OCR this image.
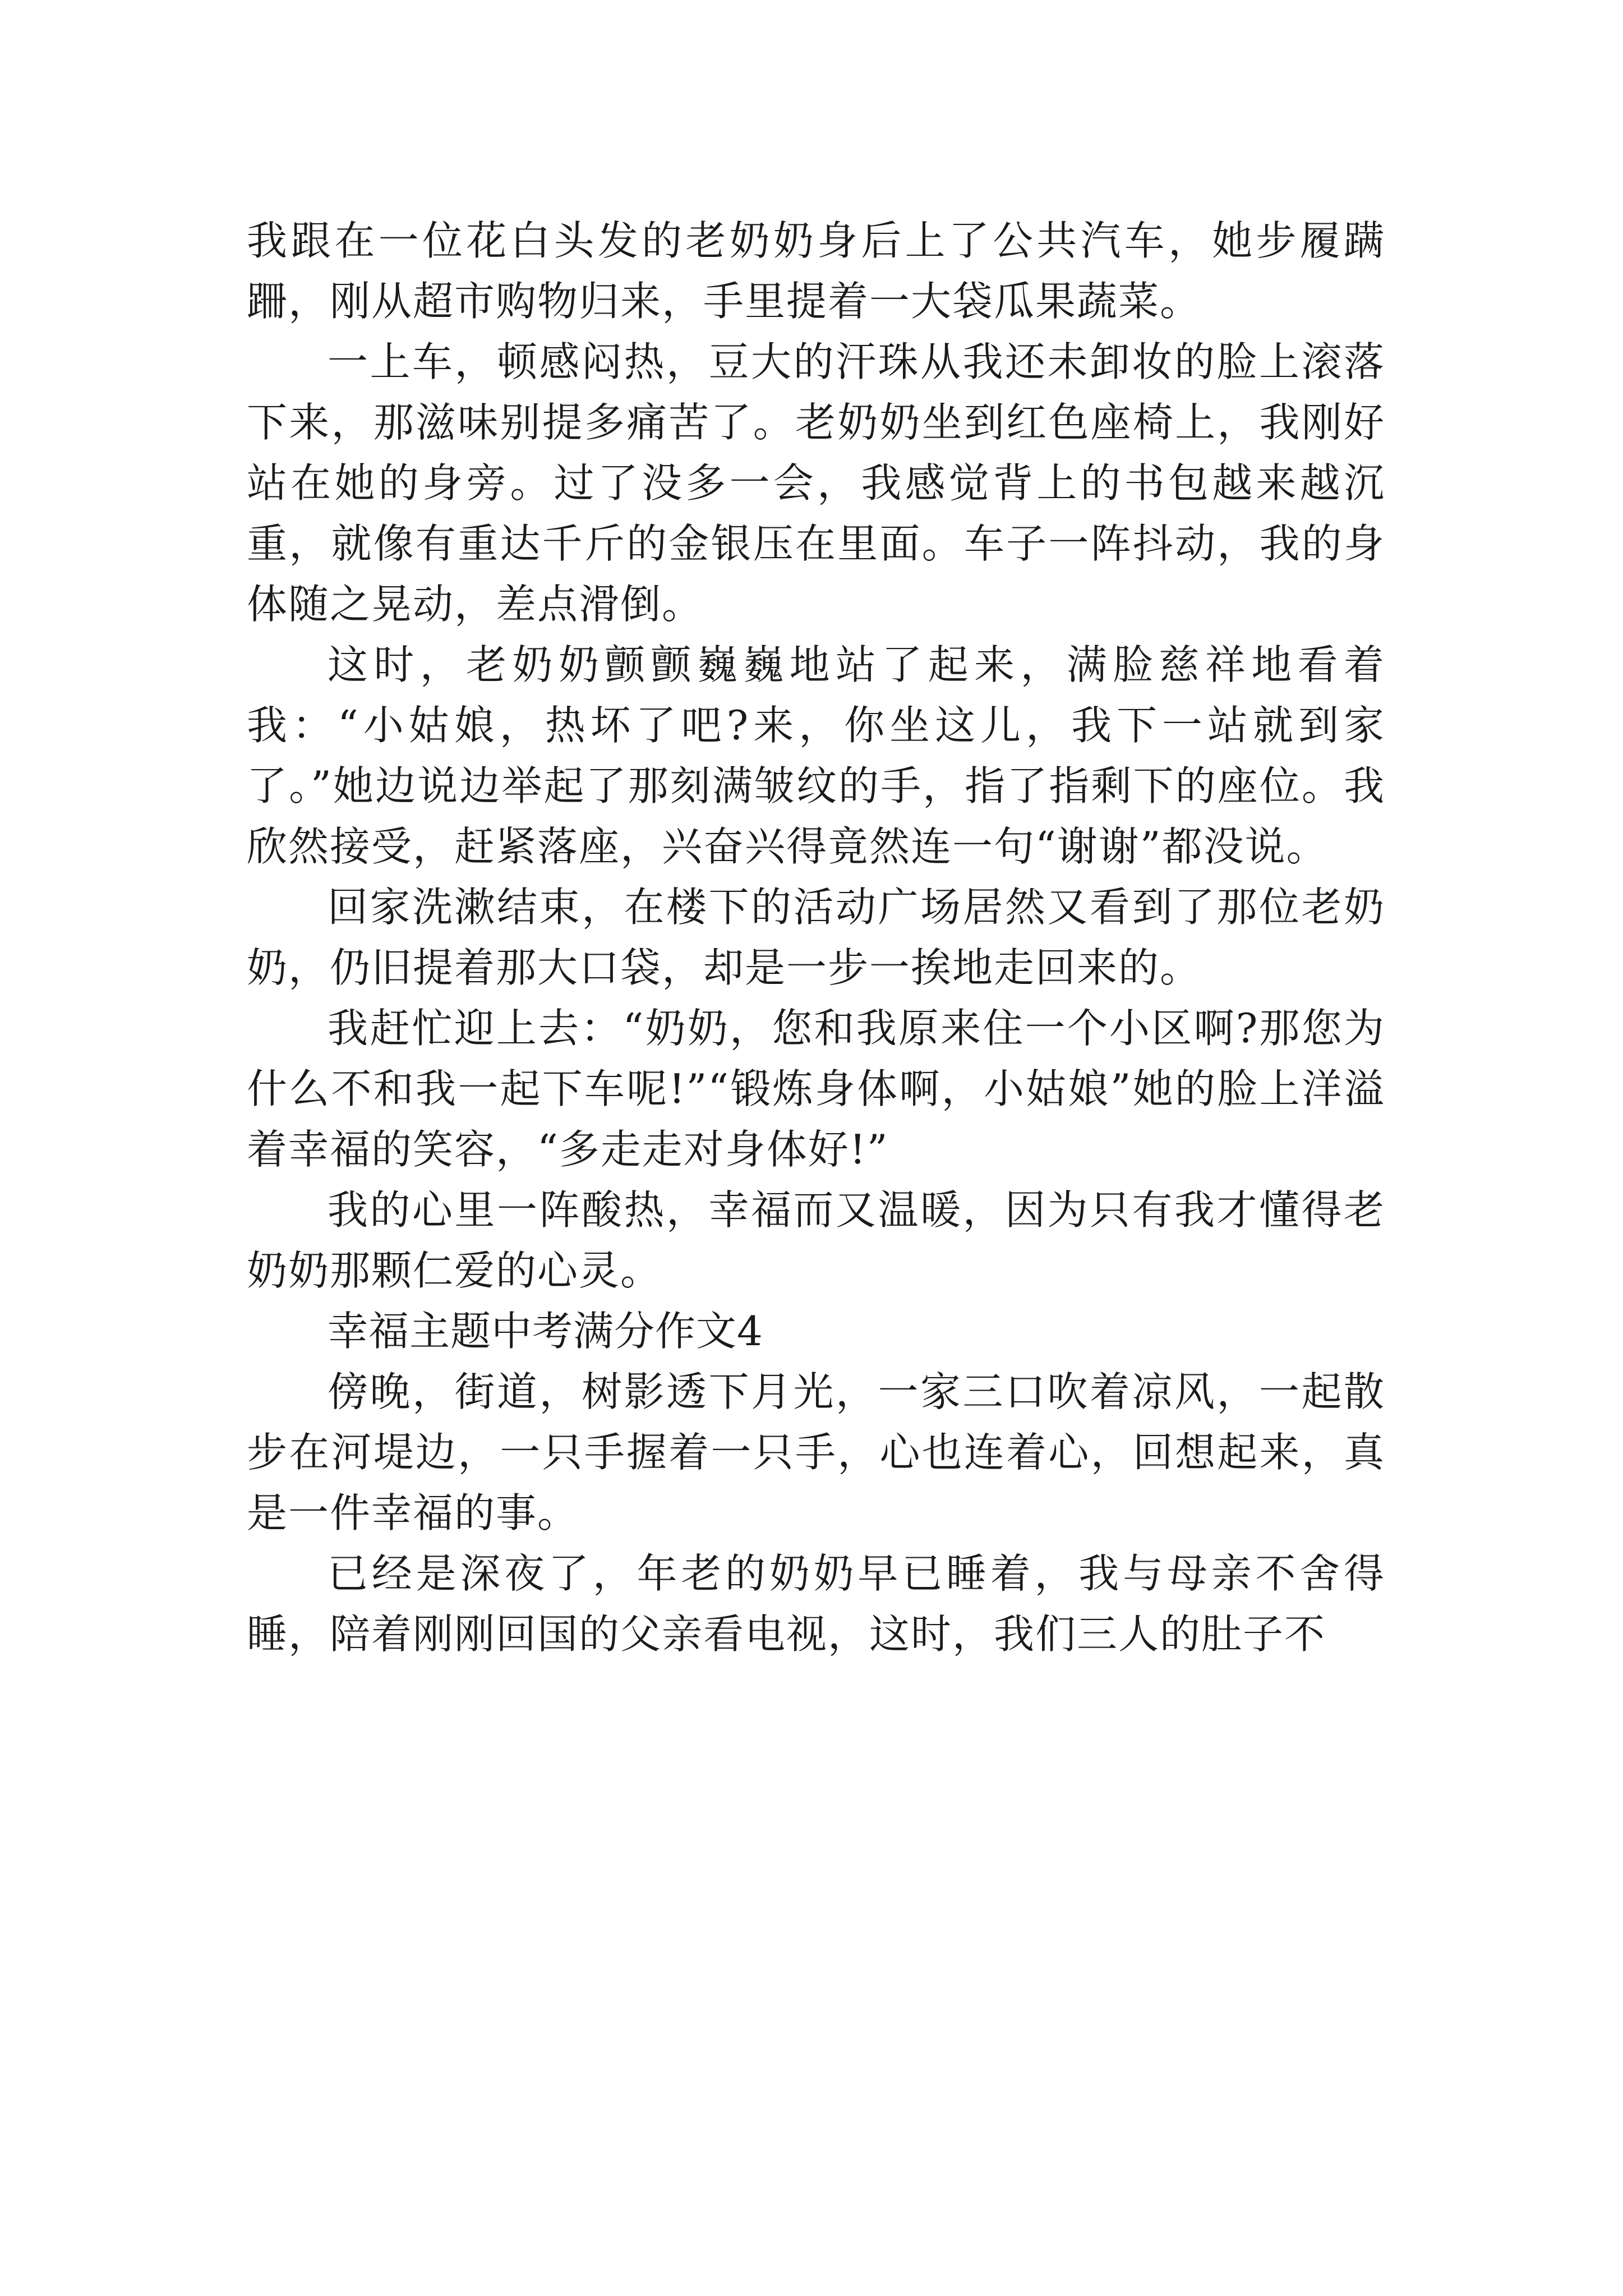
我跟在一位花白头发的老奶奶身后上了公共汽车，她步履蹒跚，刚从超市购物归来，手里提着一大袋瓜果蔬菜。

一上车，顿感闷热，豆大的汗珠从我还未卸妆的脸上滚落下来，那滋味别提多痛苦了。老奶奶坐到红色座椅上，我刚好站在她的身旁。过了没多一会，我感觉背上的书包越来越沉重，就像有重达千斤的金银压在里面。车子一阵抖动，我的身体随之晃动，差点滑倒。

这时，老奶奶颤颤巍巍地站了起来，满脸慈祥地看着我：“小姑娘，热坏了吧?来，你坐这儿，我下一站就到家了。”她边说边举起了那刻满皱纹的手，指了指剩下的座位。我欣然接受，赶紧落座，兴奋兴得竟然连一句“谢谢”都没说。

回家洗漱结束，在楼下的活动广场居然又看到了那位老奶奶，仍旧提着那大口袋，却是一步一挨地走回来的。

我赶忙迎上去：“奶奶，您和我原来住一个小区啊?那您为什么不和我一起下车呢!”“锻炼身体啊，小姑娘”她的脸上洋溢着幸福的笑容，“多走走对身体好!”

我的心里一阵酸热，幸福而又温暖，因为只有我才懂得老奶奶那颗仁爱的心灵。

幸福主题中考满分作文4

傍晚，街道，树影透下月光，一家三口吹着凉风，一起散步在河堤边，一只手握着一只手，心也连着心，回想起来，真是一件幸福的事。

已经是深夜了，年老的奶奶早已睡着，我与母亲不舍得睡，陪着刚刚回国的父亲看电视，这时，我们三人的肚子不
